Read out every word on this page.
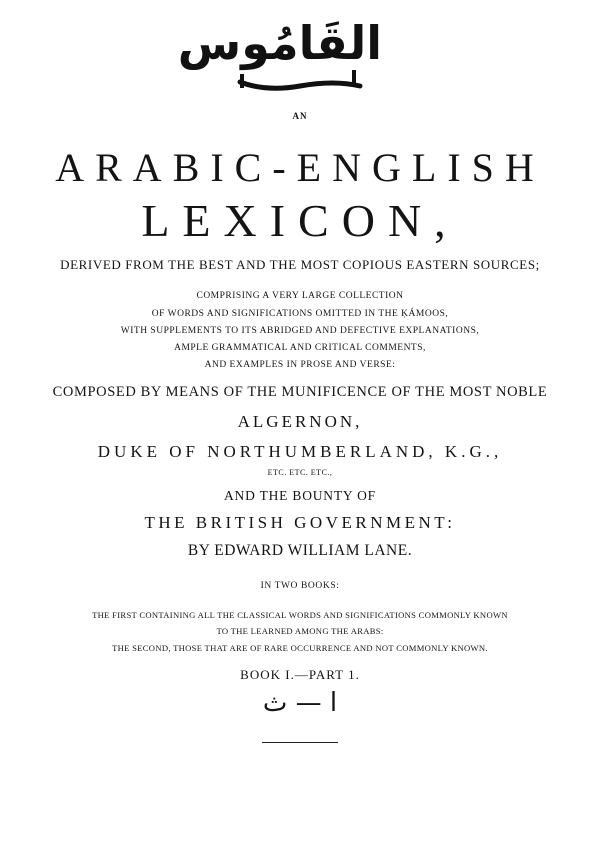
القَامُوس
AN
ARABIC-ENGLISH
LEXICON,
DERIVED FROM THE BEST AND THE MOST COPIOUS EASTERN SOURCES;
COMPRISING A VERY LARGE COLLECTION
OF WORDS AND SIGNIFICATIONS OMITTED IN THE ḲÁMOOS,
WITH SUPPLEMENTS TO ITS ABRIDGED AND DEFECTIVE EXPLANATIONS,
AMPLE GRAMMATICAL AND CRITICAL COMMENTS,
AND EXAMPLES IN PROSE AND VERSE:
COMPOSED BY MEANS OF THE MUNIFICENCE OF THE MOST NOBLE
ALGERNON,
DUKE OF NORTHUMBERLAND, K.G.,
ETC. ETC. ETC.,
AND THE BOUNTY OF
THE BRITISH GOVERNMENT:
BY EDWARD WILLIAM LANE.
IN TWO BOOKS:
THE FIRST CONTAINING ALL THE CLASSICAL WORDS AND SIGNIFICATIONS COMMONLY KNOWN
TO THE LEARNED AMONG THE ARABS:
THE SECOND, THOSE THAT ARE OF RARE OCCURRENCE AND NOT COMMONLY KNOWN.
BOOK I.—PART 1.
ا — ث
